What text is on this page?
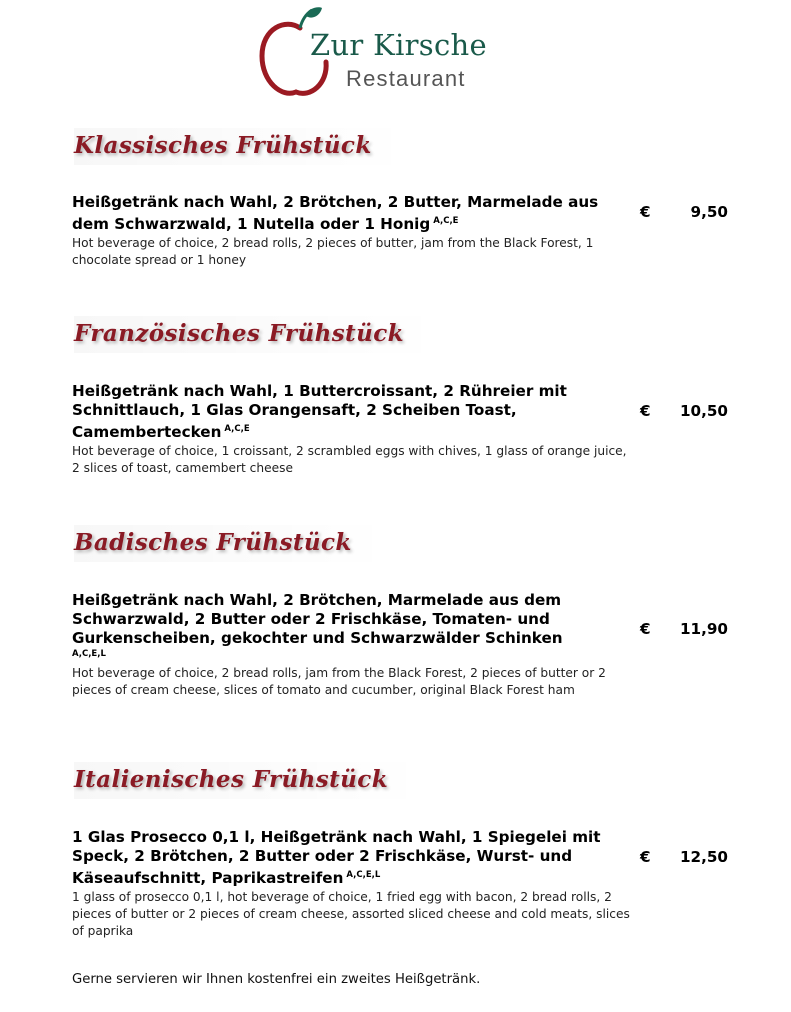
Zur Kirsche
Restaurant
Klassisches Frühstück
Heißgetränk nach Wahl, 2 Brötchen, 2 Butter, Marmelade aus dem Schwarzwald, 1 Nutella oder 1 Honig $^{A,C,E}$
Hot beverage of choice, 2 bread rolls, 2 pieces of butter, jam from the Black Forest, 1 chocolate spread or 1 honey
€	9,50
Französisches Frühstück
Heißgetränk nach Wahl, 1 Buttercroissant, 2 Rühreier mit Schnittlauch, 1 Glas Orangensaft, 2 Scheiben Toast, Camembertecken $^{A,C,E}$
Hot beverage of choice, 1 croissant, 2 scrambled eggs with chives, 1 glass of orange juice, 2 slices of toast, camembert cheese
€ 10,50
Badisches Frühstück
Heißgetränk nach Wahl, 2 Brötchen, Marmelade aus dem Schwarzwald, 2 Butter oder 2 Frischkäse, Tomaten- und Gurkenscheiben, gekochter und Schwarzwälder Schinken
A,C,E,L
Hot beverage of choice, 2 bread rolls, jam from the Black Forest, 2 pieces of butter or 2 pieces of cream cheese, slices of tomato and cucumber, original Black Forest ham
€ 11,90
Italienisches Frühstück
1 Glas Prosecco 0,1 l, Heißgetränk nach Wahl, 1 Spiegelei mit Speck, 2 Brötchen, 2 Butter oder 2 Frischkäse, Wurst- und Käseaufschnitt, Paprikastreifen $^{A,C,E,L}$
1 glass of prosecco 0,1 l, hot beverage of choice, 1 fried egg with bacon, 2 bread rolls, 2 pieces of butter or 2 pieces of cream cheese, assorted sliced cheese and cold meats, slices of paprika
€ 12,50
Gerne servieren wir Ihnen kostenfrei ein zweites Heißgetränk.
